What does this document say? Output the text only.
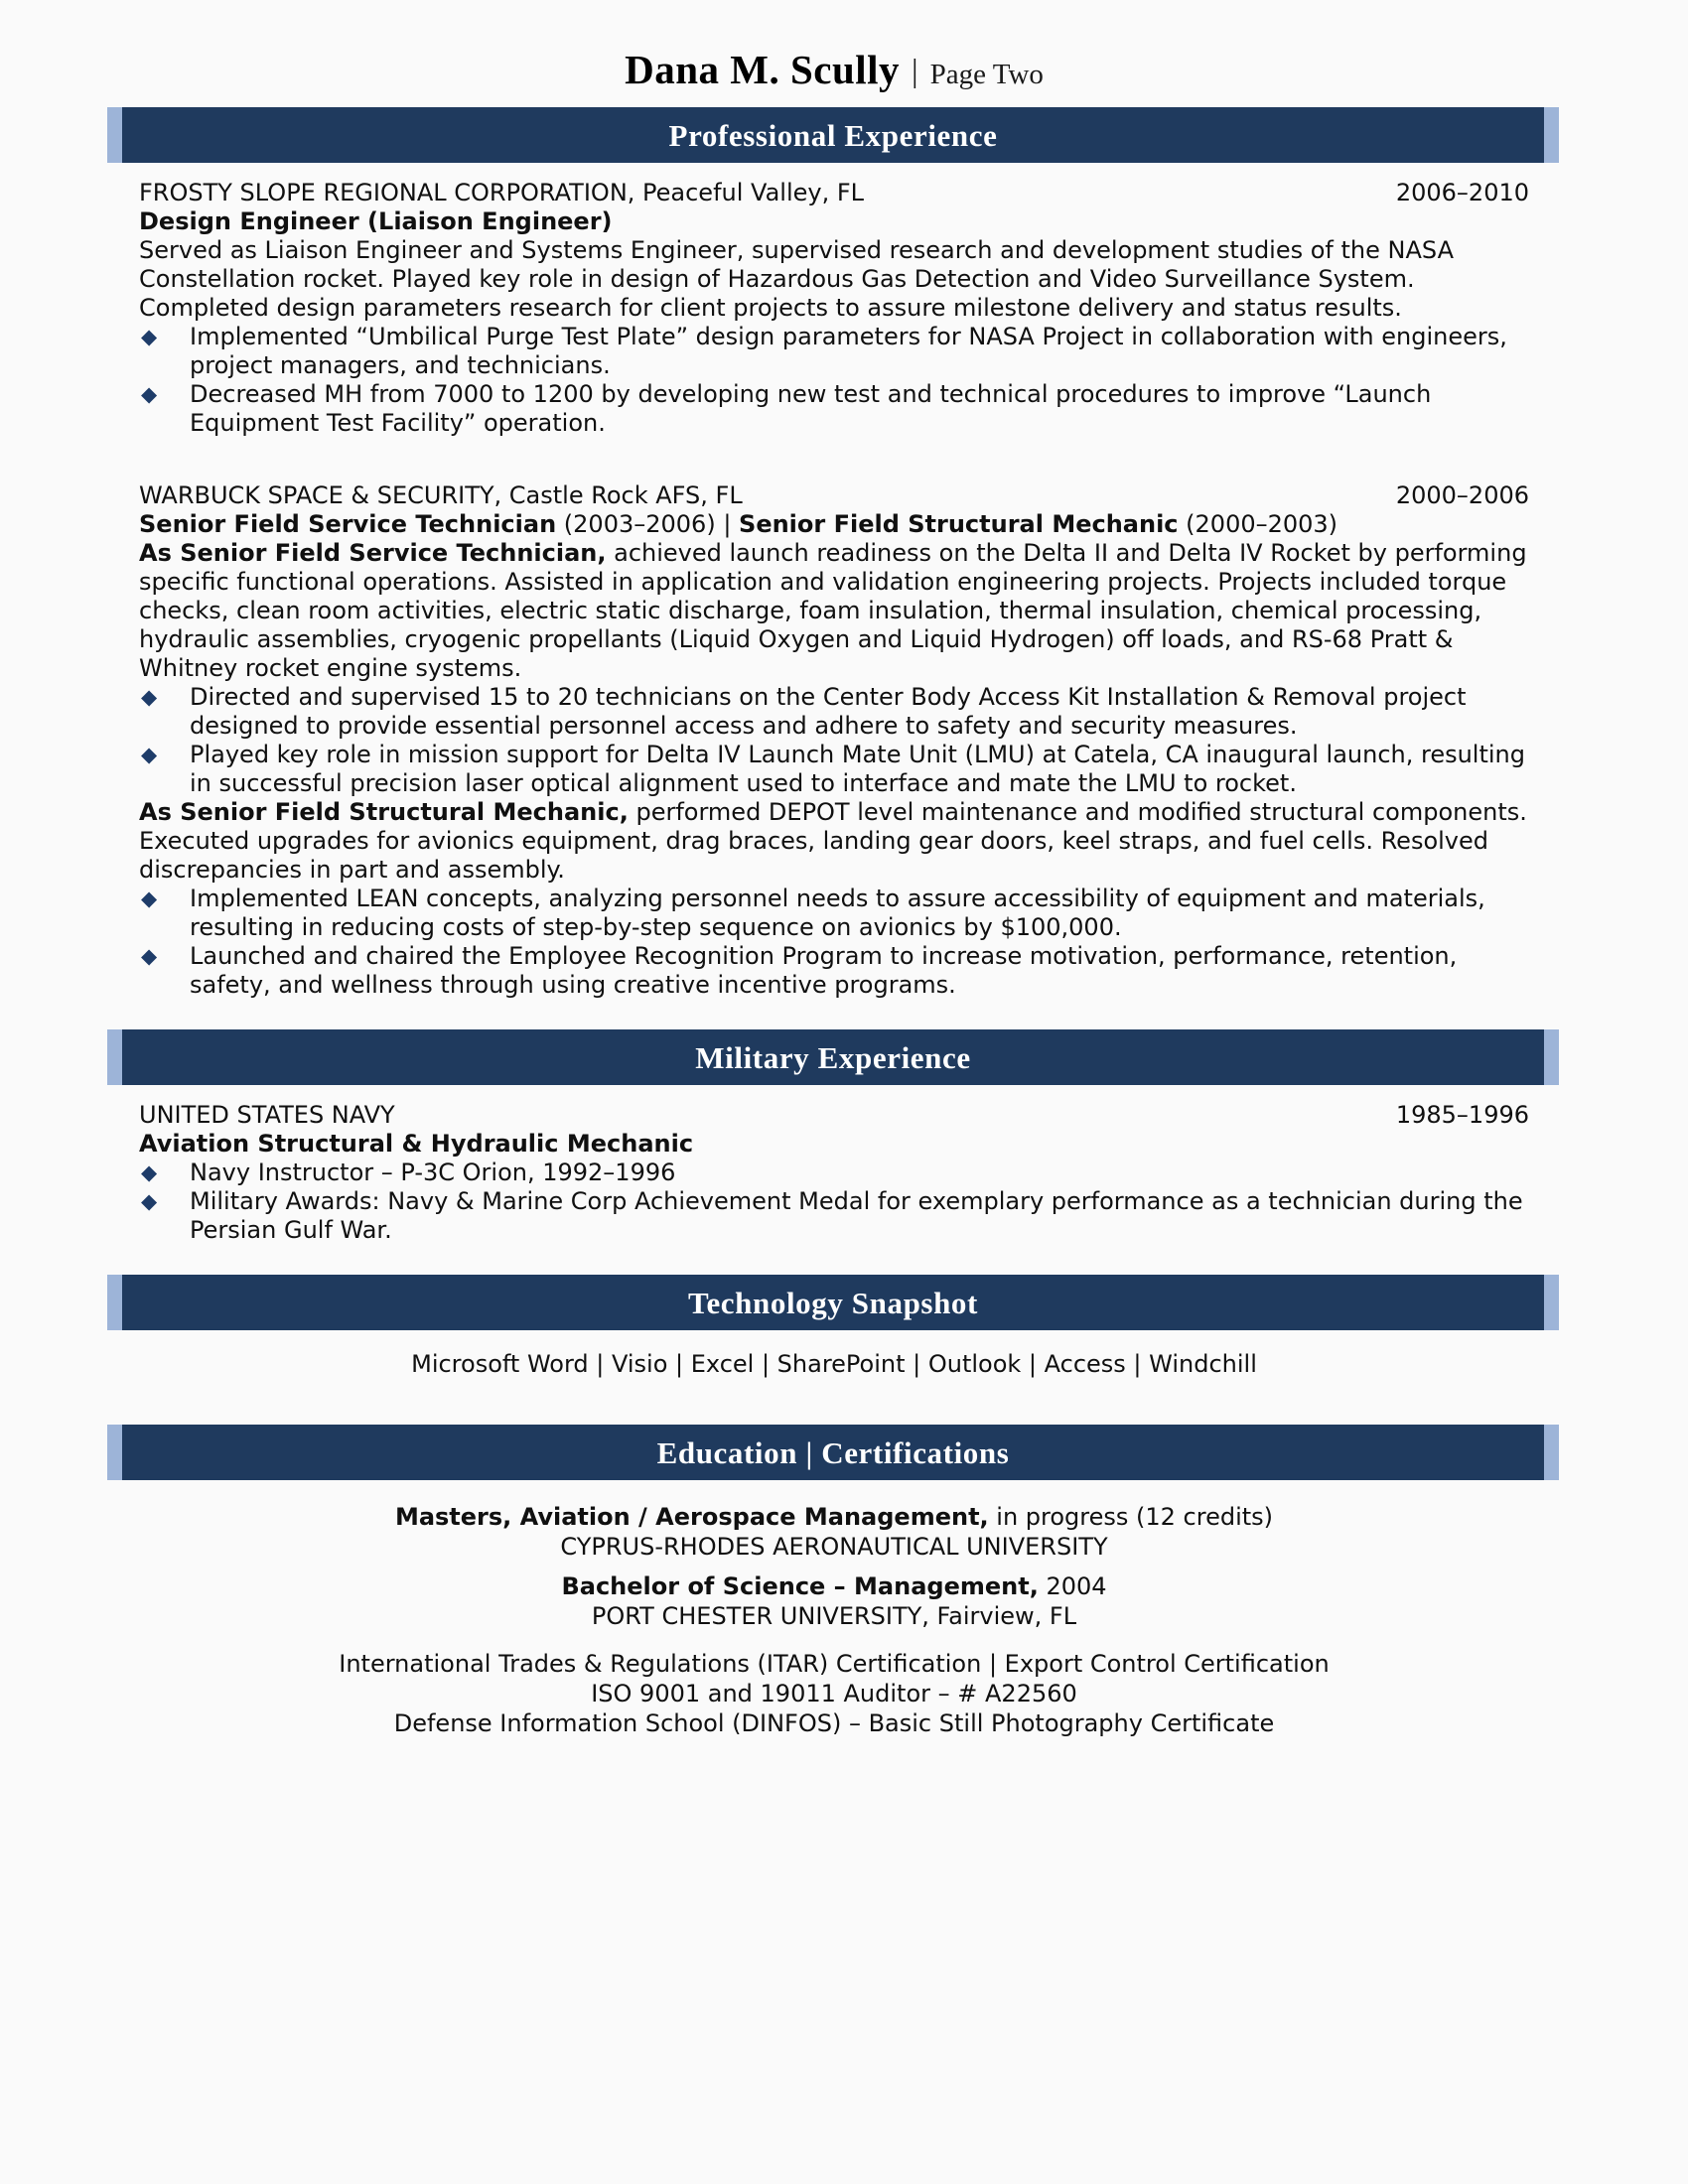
Dana M. Scully | Page Two
Professional Experience
FROSTY SLOPE REGIONAL CORPORATION, Peaceful Valley, FL	2006–2010
Design Engineer (Liaison Engineer)

Served as Liaison Engineer and Systems Engineer, supervised research and development studies of the NASA Constellation rocket. Played key role in design of Hazardous Gas Detection and Video Surveillance System. Completed design parameters research for client projects to assure milestone delivery and status results.

◆ Implemented “Umbilical Purge Test Plate” design parameters for NASA Project in collaboration with engineers, project managers, and technicians.
◆ Decreased MH from 7000 to 1200 by developing new test and technical procedures to improve “Launch Equipment Test Facility” operation.
WARBUCK SPACE & SECURITY, Castle Rock AFS, FL	2000–2006
Senior Field Service Technician (2003–2006) | Senior Field Structural Mechanic (2000–2003)

As Senior Field Service Technician, achieved launch readiness on the Delta II and Delta IV Rocket by performing specific functional operations. Assisted in application and validation engineering projects. Projects included torque checks, clean room activities, electric static discharge, foam insulation, thermal insulation, chemical processing, hydraulic assemblies, cryogenic propellants (Liquid Oxygen and Liquid Hydrogen) off loads, and RS-68 Pratt & Whitney rocket engine systems.

◆ Directed and supervised 15 to 20 technicians on the Center Body Access Kit Installation & Removal project designed to provide essential personnel access and adhere to safety and security measures.
◆ Played key role in mission support for Delta IV Launch Mate Unit (LMU) at Catela, CA inaugural launch, resulting in successful precision laser optical alignment used to interface and mate the LMU to rocket.

As Senior Field Structural Mechanic, performed DEPOT level maintenance and modified structural components. Executed upgrades for avionics equipment, drag braces, landing gear doors, keel straps, and fuel cells. Resolved discrepancies in part and assembly.

◆ Implemented LEAN concepts, analyzing personnel needs to assure accessibility of equipment and materials, resulting in reducing costs of step-by-step sequence on avionics by $100,000.
◆ Launched and chaired the Employee Recognition Program to increase motivation, performance, retention, safety, and wellness through using creative incentive programs.
Military Experience
UNITED STATES NAVY	1985–1996
Aviation Structural & Hydraulic Mechanic
◆ Navy Instructor – P-3C Orion, 1992–1996
◆ Military Awards: Navy & Marine Corp Achievement Medal for exemplary performance as a technician during the Persian Gulf War.
Technology Snapshot
Microsoft Word | Visio | Excel | SharePoint | Outlook | Access | Windchill
Education | Certifications
Masters, Aviation / Aerospace Management, in progress (12 credits)
CYPRUS-RHODES AERONAUTICAL UNIVERSITY
Bachelor of Science – Management, 2004
PORT CHESTER UNIVERSITY, Fairview, FL
International Trades & Regulations (ITAR) Certification | Export Control Certification
ISO 9001 and 19011 Auditor – # A22560
Defense Information School (DINFOS) – Basic Still Photography Certificate
